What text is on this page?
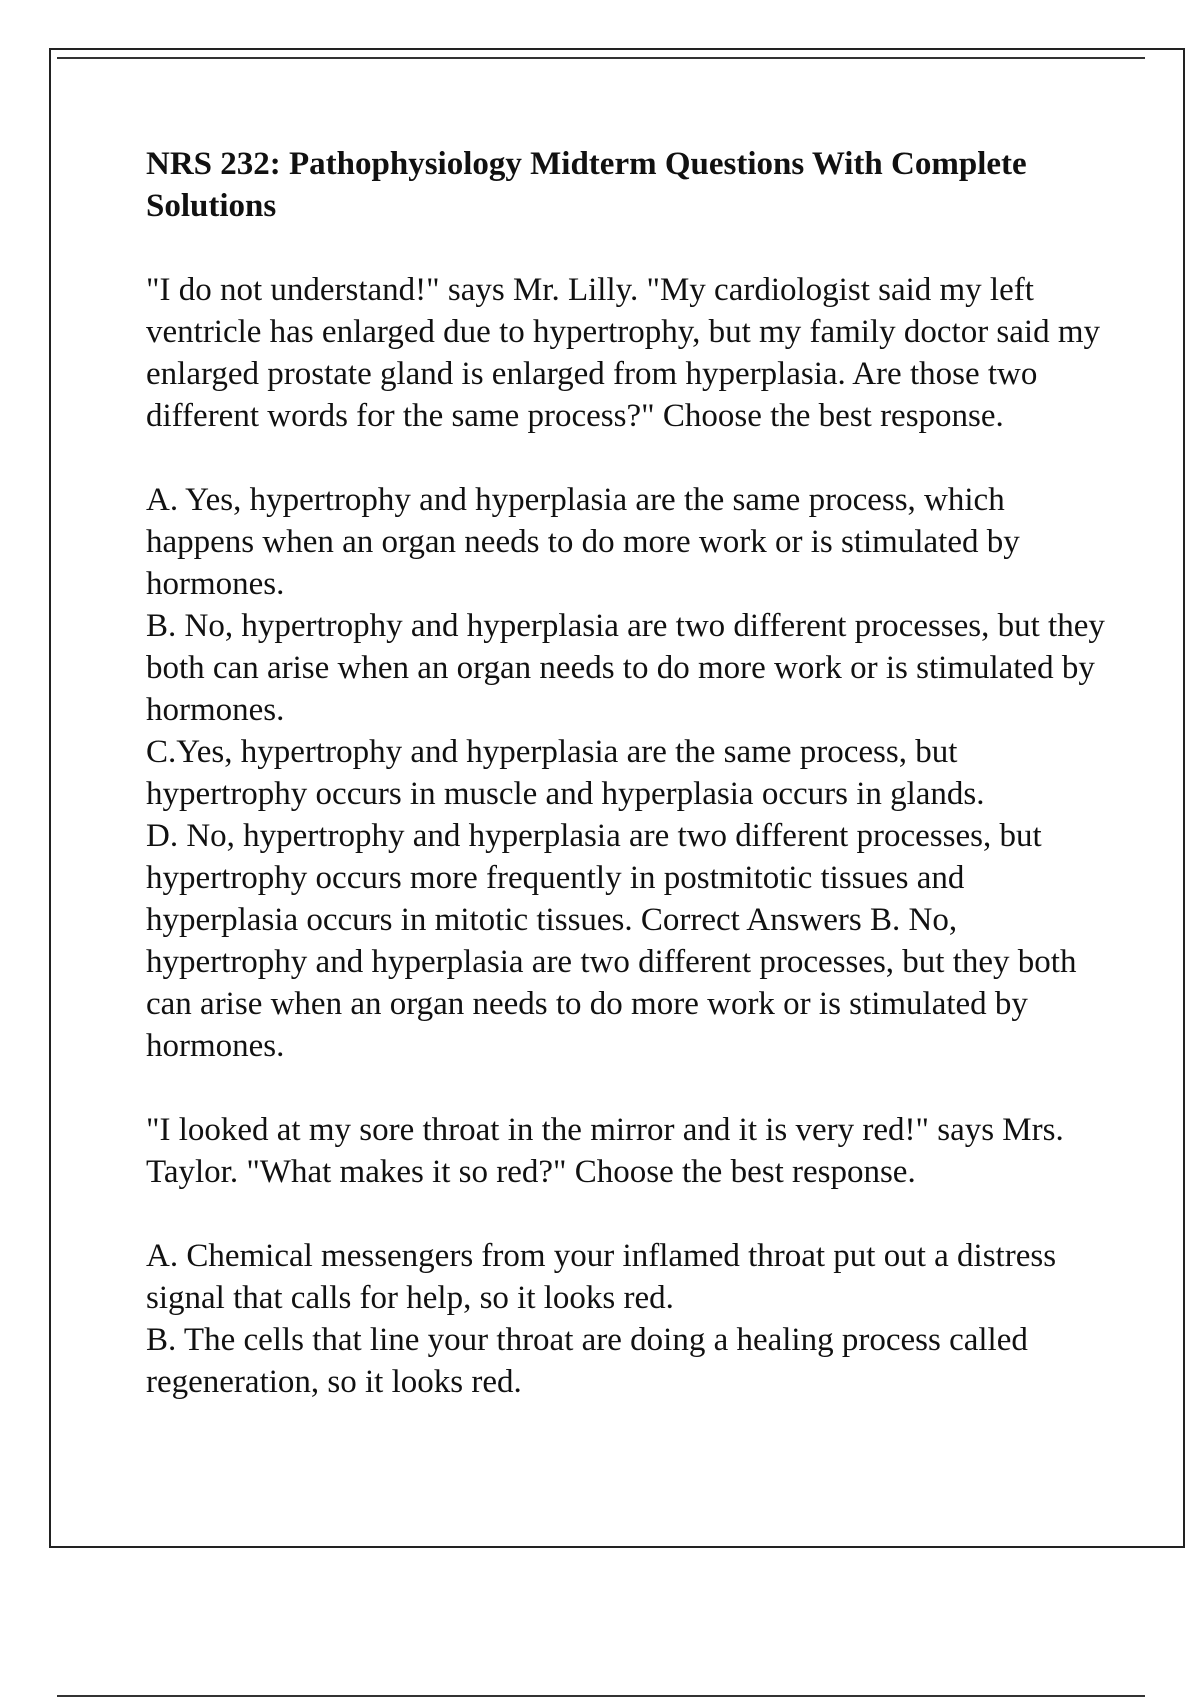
NRS 232: Pathophysiology Midterm Questions With Complete Solutions

"I do not understand!" says Mr. Lilly. "My cardiologist said my left ventricle has enlarged due to hypertrophy, but my family doctor said my enlarged prostate gland is enlarged from hyperplasia. Are those two different words for the same process?" Choose the best response.

A. Yes, hypertrophy and hyperplasia are the same process, which happens when an organ needs to do more work or is stimulated by hormones.

B. No, hypertrophy and hyperplasia are two different processes, but they both can arise when an organ needs to do more work or is stimulated by hormones.

C.Yes, hypertrophy and hyperplasia are the same process, but hypertrophy occurs in muscle and hyperplasia occurs in glands.

D. No, hypertrophy and hyperplasia are two different processes, but hypertrophy occurs more frequently in postmitotic tissues and hyperplasia occurs in mitotic tissues. Correct Answers B. No, hypertrophy and hyperplasia are two different processes, but they both can arise when an organ needs to do more work or is stimulated by hormones.

"I looked at my sore throat in the mirror and it is very red!" says Mrs. Taylor. "What makes it so red?" Choose the best response.

A. Chemical messengers from your inflamed throat put out a distress signal that calls for help, so it looks red.

B. The cells that line your throat are doing a healing process called regeneration, so it looks red.
